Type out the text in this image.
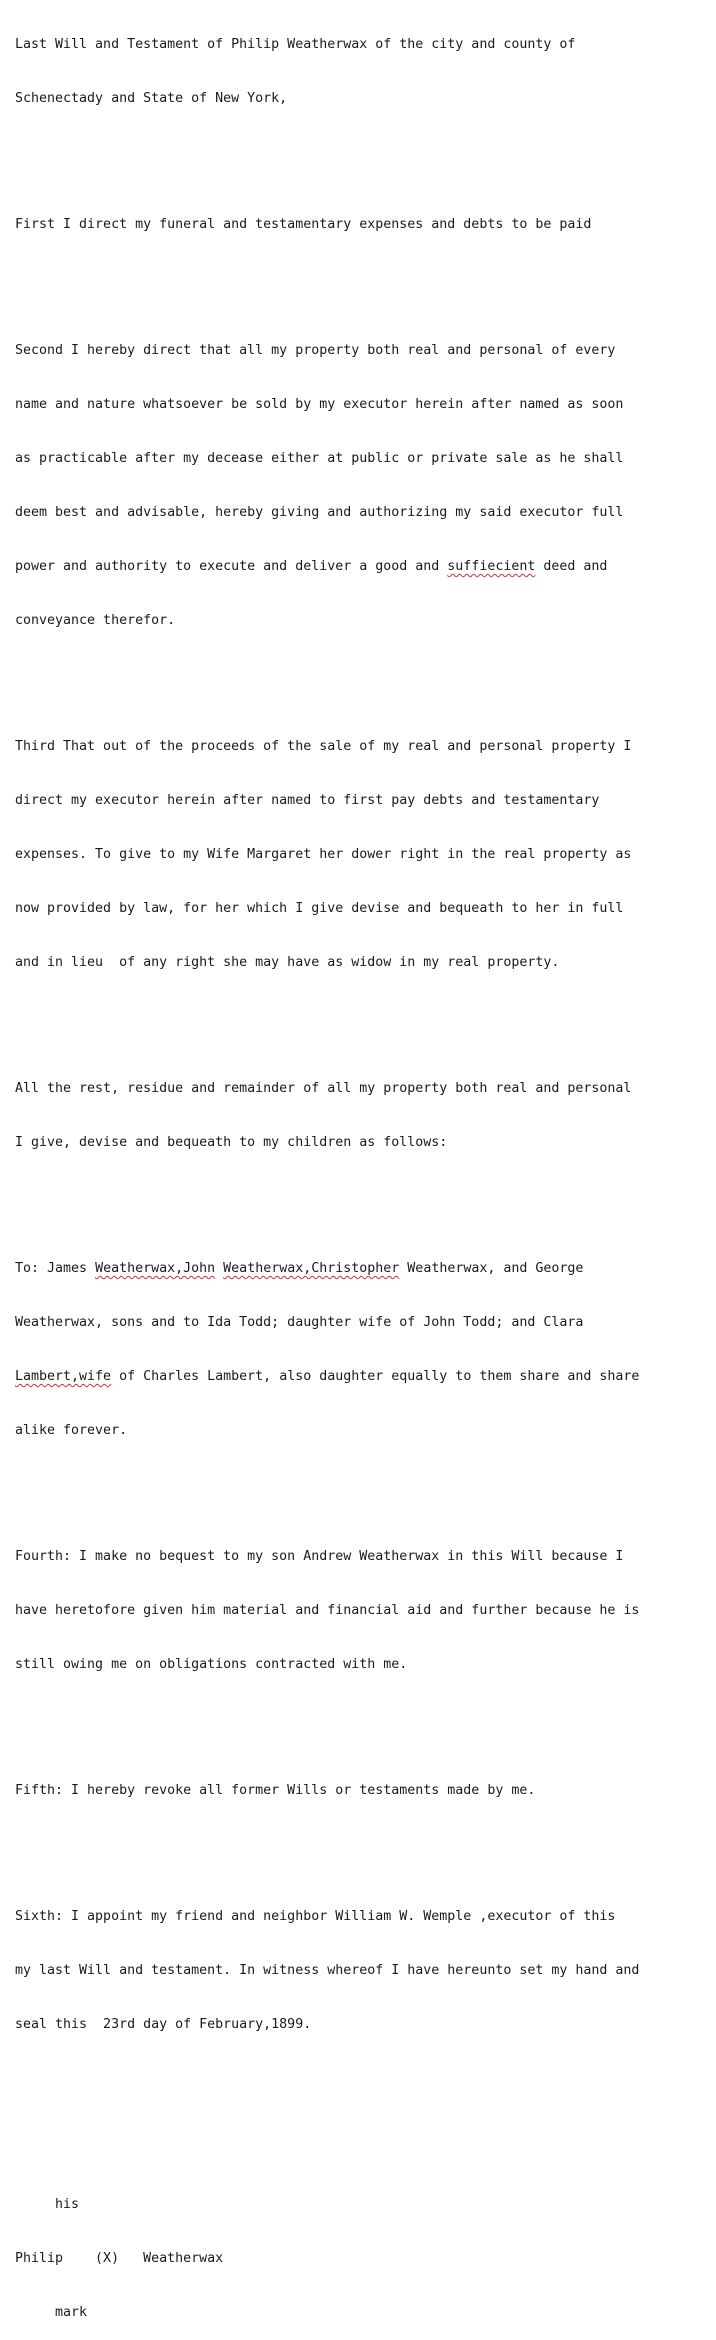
Last Will and Testament of Philip Weatherwax of the city and county of

Schenectady and State of New York,

First I direct my funeral and testamentary expenses and debts to be paid

Second I hereby direct that all my property both real and personal of every

name and nature whatsoever be sold by my executor herein after named as soon

as practicable after my decease either at public or private sale as he shall

deem best and advisable, hereby giving and authorizing my said executor full

power and authority to execute and deliver a good and suffiecient deed and

conveyance therefor.

Third That out of the proceeds of the sale of my real and personal property I

direct my executor herein after named to first pay debts and testamentary

expenses. To give to my Wife Margaret her dower right in the real property as

now provided by law, for her which I give devise and bequeath to her in full

and in lieu  of any right she may have as widow in my real property.

All the rest, residue and remainder of all my property both real and personal

I give, devise and bequeath to my children as follows:

To: James Weatherwax,John Weatherwax,Christopher Weatherwax, and George

Weatherwax, sons and to Ida Todd; daughter wife of John Todd; and Clara

Lambert,wife of Charles Lambert, also daughter equally to them share and share

alike forever.

Fourth: I make no bequest to my son Andrew Weatherwax in this Will because I

have heretofore given him material and financial aid and further because he is

still owing me on obligations contracted with me.

Fifth: I hereby revoke all former Wills or testaments made by me.

Sixth: I appoint my friend and neighbor William W. Wemple ,executor of this

my last Will and testament. In witness whereof I have hereunto set my hand and

seal this  23rd day of February,1899.

his

Philip    (X)   Weatherwax

mark
